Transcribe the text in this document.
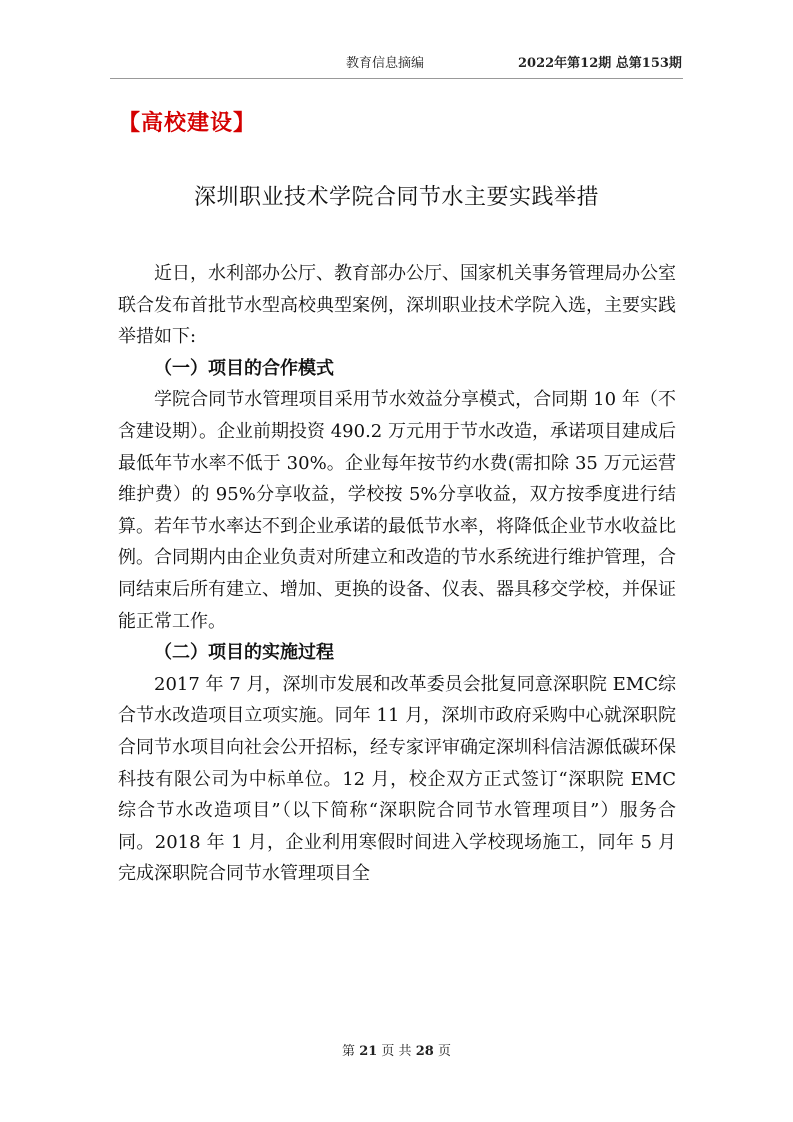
教育信息摘编	2022年第12期 总第153期
【高校建设】
深圳职业技术学院合同节水主要实践举措

近日，水利部办公厅、教育部办公厅、国家机关事务管理局办公室联合发布首批节水型高校典型案例，深圳职业技术学院入选，主要实践举措如下:

（一）项目的合作模式

学院合同节水管理项目采用节水效益分享模式，合同期 10 年（不含建设期）。企业前期投资 490.2 万元用于节水改造，承诺项目建成后最低年节水率不低于 30%。企业每年按节约水费(需扣除 35 万元运营维护费）的 95%分享收益，学校按 5%分享收益，双方按季度进行结算。若年节水率达不到企业承诺的最低节水率，将降低企业节水收益比例。合同期内由企业负责对所建立和改造的节水系统进行维护管理，合同结束后所有建立、增加、更换的设备、仪表、器具移交学校，并保证能正常工作。

（二）项目的实施过程

2017 年 7 月，深圳市发展和改革委员会批复同意深职院 EMC综合节水改造项目立项实施。同年 11 月，深圳市政府采购中心就深职院合同节水项目向社会公开招标，经专家评审确定深圳科信洁源低碳环保科技有限公司为中标单位。12 月，校企双方正式签订“深职院 EMC 综合节水改造项目”（以下简称“深职院合同节水管理项目”）服务合同。2018 年 1 月，企业利用寒假时间进入学校现场施工，同年 5 月完成深职院合同节水管理项目全

第 21 页 共 28 页
